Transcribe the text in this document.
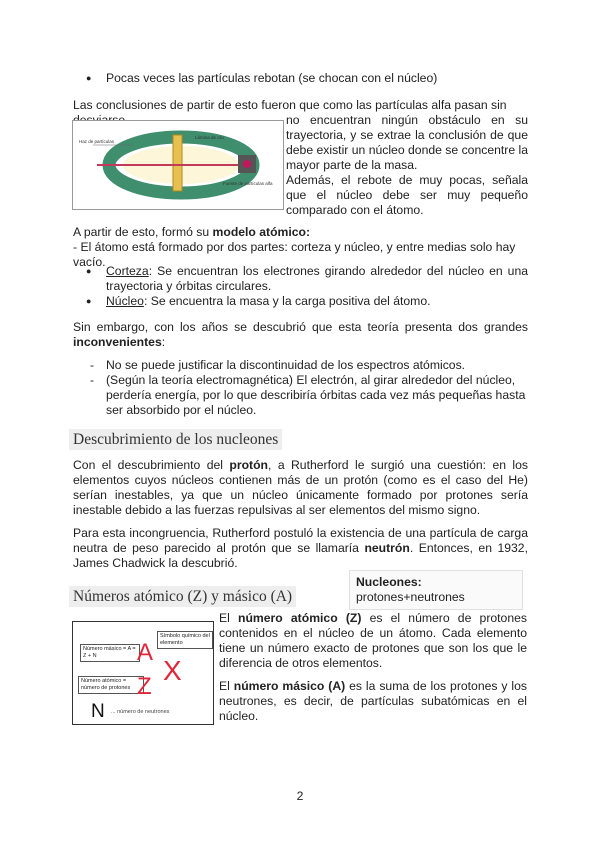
● Pocas veces las partículas rebotan (se chocan con el núcleo)
Las conclusiones de partir de esto fueron que como las partículas alfa pasan sin
Haz de partículas
Lámina de oro
Fuente de partículas alfa
no encuentran ningún obstáculo en su trayectoria, y se extrae la conclusión de que debe existir un núcleo donde se concentre la mayor parte de la masa.
Además, el rebote de muy pocas, señala que el núcleo debe ser muy pequeño comparado con el átomo.
A partir de esto, formó su modelo atómico:
- El átomo está formado por dos partes: corteza y núcleo, y entre medias solo hay vacío.
● Corteza: Se encuentran los electrones girando alrededor del núcleo en una trayectoria y órbitas circulares.
● Núcleo: Se encuentra la masa y la carga positiva del átomo.
Sin embargo, con los años se descubrió que esta teoría presenta dos grandes inconvenientes:
- No se puede justificar la discontinuidad de los espectros atómicos.
- (Según la teoría electromagnética) El electrón, al girar alrededor del núcleo, perdería energía, por lo que describiría órbitas cada vez más pequeñas hasta ser absorbido por el núcleo.
Descubrimiento de los nucleones
Con el descubrimiento del protón, a Rutherford le surgió una cuestión: en los elementos cuyos núcleos contienen más de un protón (como es el caso del He) serían inestables, ya que un núcleo únicamente formado por protones sería inestable debido a las fuerzas repulsivas al ser elementos del mismo signo.
Para esta incongruencia, Rutherford postuló la existencia de una partícula de carga neutra de peso parecido al protón que se llamaría neutrón. Entonces, en 1932, James Chadwick la descubrió.
Nucleones: protones+neutrones
Números atómico (Z) y másico (A)
Número másico = A = Z + N
Símbolo químico del elemento
Número atómico = número de protones
A
X
Z
N ... número de neutrones
El número atómico (Z) es el número de protones contenidos en el núcleo de un átomo. Cada elemento tiene un número exacto de protones que son los que le diferencia de otros elementos.
El número másico (A) es la suma de los protones y los neutrones, es decir, de partículas subatómicas en el núcleo.
2
